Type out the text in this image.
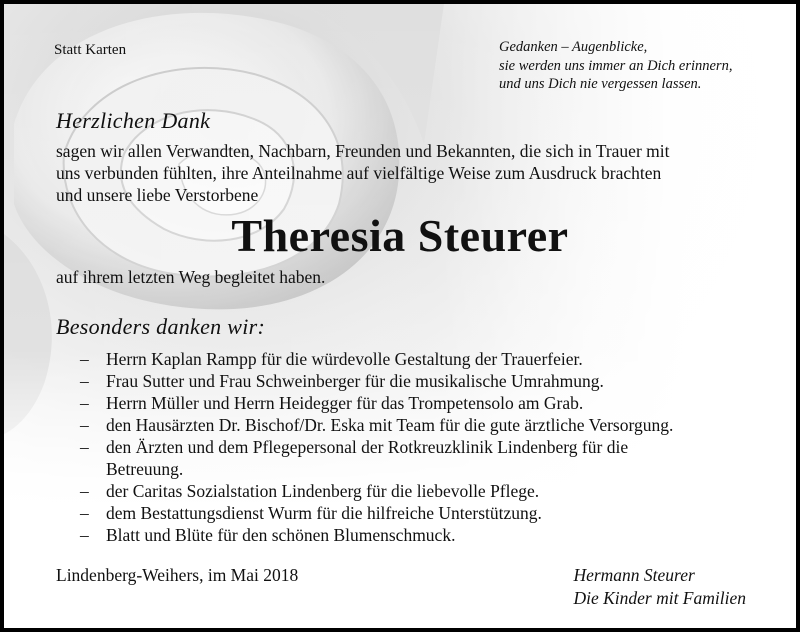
Statt Karten	Gedanken – Augenblicke,
sie werden uns immer an Dich erinnern,
und uns Dich nie vergessen lassen.
Herzlichen Dank
sagen wir allen Verwandten, Nachbarn, Freunden und Bekannten, die sich in Trauer mit
uns verbunden fühlten, ihre Anteilnahme auf vielfältige Weise zum Ausdruck brachten
und unsere liebe Verstorbene
Theresia Steurer
auf ihrem letzten Weg begleitet haben.
Besonders danken wir:
– Herrn Kaplan Rampp für die würdevolle Gestaltung der Trauerfeier.
– Frau Sutter und Frau Schweinberger für die musikalische Umrahmung.
– Herrn Müller und Herrn Heidegger für das Trompetensolo am Grab.
– den Hausärzten Dr. Bischof/Dr. Eska mit Team für die gute ärztliche Versorgung.
– den Ärzten und dem Pflegepersonal der Rotkreuzklinik Lindenberg für die
Betreuung.
– der Caritas Sozialstation Lindenberg für die liebevolle Pflege.
– dem Bestattungsdienst Wurm für die hilfreiche Unterstützung.
– Blatt und Blüte für den schönen Blumenschmuck.
Lindenberg-Weihers, im Mai 2018	Hermann Steurer
Die Kinder mit Familien
